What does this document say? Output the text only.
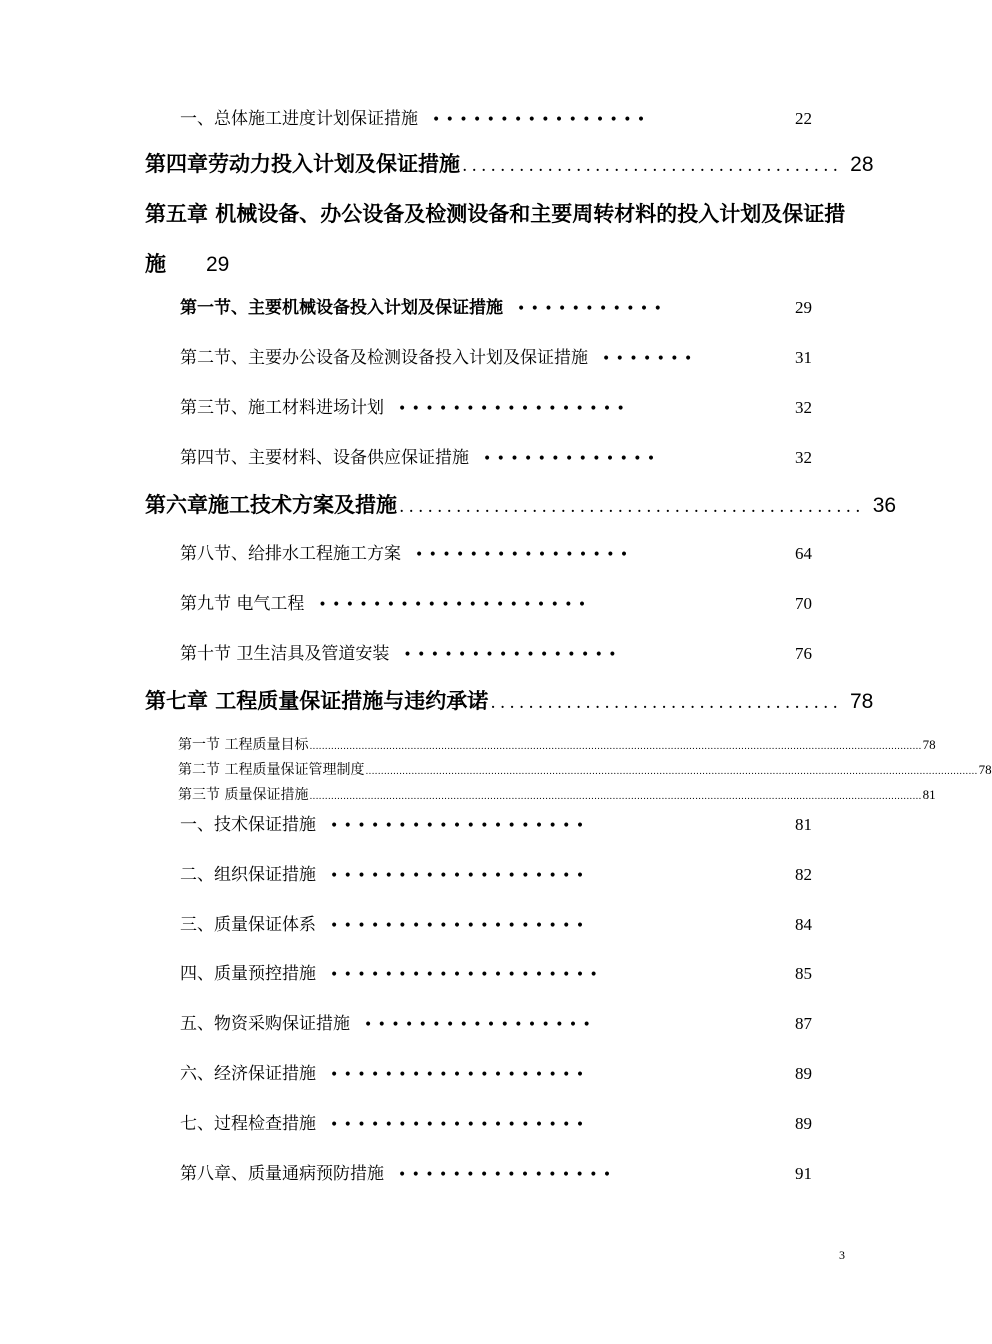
一、总体施工进度计划保证措施 ••••••••••••••••	22
第四章劳动力投入计划及保证措施 ........................................ 28
第五章 机械设备、办公设备及检测设备和主要周转材料的投入计划及保证措
施 29
第一节、主要机械设备投入计划及保证措施 •••••••••••	29
第二节、主要办公设备及检测设备投入计划及保证措施 •••••••	31
第三节、施工材料进场计划 •••••••••••••••••	32
第四节、主要材料、设备供应保证措施 •••••••••••••	32
第六章施工技术方案及措施 ................................................. 36
第八节、给排水工程施工方案 ••••••••••••••••	64
第九节 电气工程 ••••••••••••••••••••	70
第十节 卫生洁具及管道安装 ••••••••••••••••	76
第七章 工程质量保证措施与违约承诺 ..................................... 78
第一节 工程质量目标 ........................................................................................................................................................................................................ 78
第二节 工程质量保证管理制度 ........................................................................................................................................................................................................ 78
第三节 质量保证措施 ........................................................................................................................................................................................................ 81
一、技术保证措施 •••••••••••••••••••	81
二、组织保证措施 •••••••••••••••••••	82
三、质量保证体系 •••••••••••••••••••	84
四、质量预控措施 ••••••••••••••••••••	85
五、物资采购保证措施 •••••••••••••••••	87
六、经济保证措施 •••••••••••••••••••	89
七、过程检查措施 •••••••••••••••••••	89
第八章、质量通病预防措施 ••••••••••••••••	91
3
